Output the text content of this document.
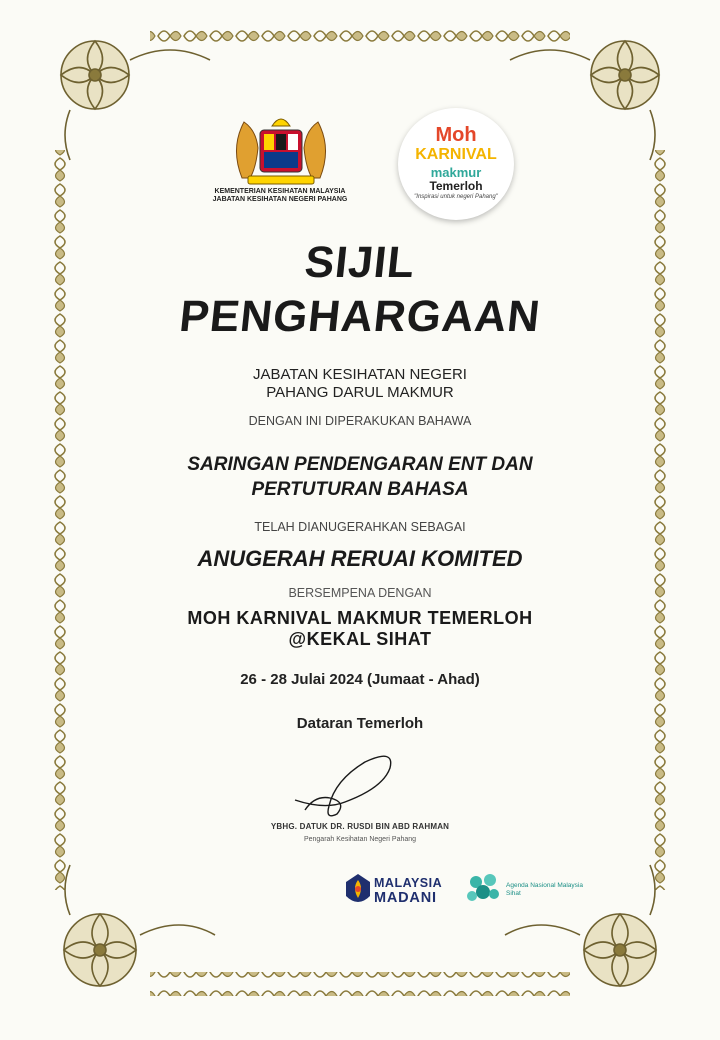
KEMENTERIAN KESIHATAN MALAYSIA
JABATAN KESIHATAN NEGERI PAHANG
Moh
KARNIVAL
makmur
Temerloh
"Inspirasi untuk negeri Pahang"
SIJIL
PENGHARGAAN
JABATAN KESIHATAN NEGERI
PAHANG DARUL MAKMUR
DENGAN INI DIPERAKUKAN BAHAWA
SARINGAN PENDENGARAN ENT DAN
PERTUTURAN BAHASA
TELAH DIANUGERAHKAN SEBAGAI
ANUGERAH RERUAI KOMITED
BERSEMPENA DENGAN
MOH KARNIVAL MAKMUR TEMERLOH
@KEKAL SIHAT
26 - 28 Julai 2024 (Jumaat - Ahad)
Dataran Temerloh
YBHG. DATUK DR. RUSDI BIN ABD RAHMAN
Pengarah Kesihatan Negeri Pahang
MALAYSIA
MADANI
Agenda Nasional Malaysia Sihat
